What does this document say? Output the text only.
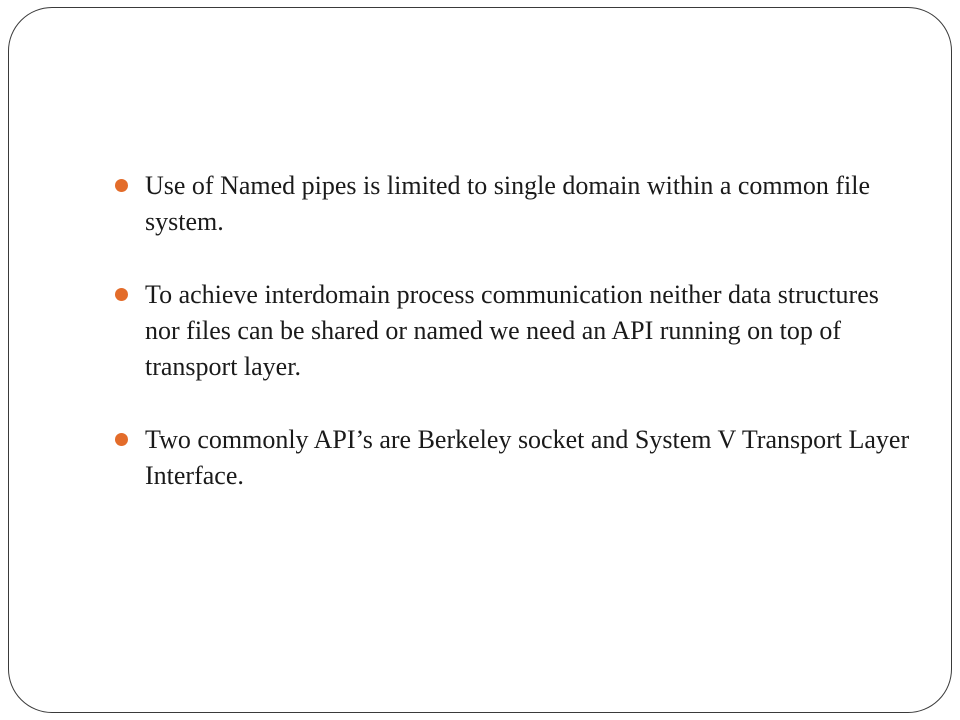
Use of Named pipes is limited to single domain within a common file system.
To achieve interdomain process communication neither data structures nor files can be shared or named we need an API running on top of transport layer.
Two commonly API’s are Berkeley socket and System V Transport Layer Interface.
